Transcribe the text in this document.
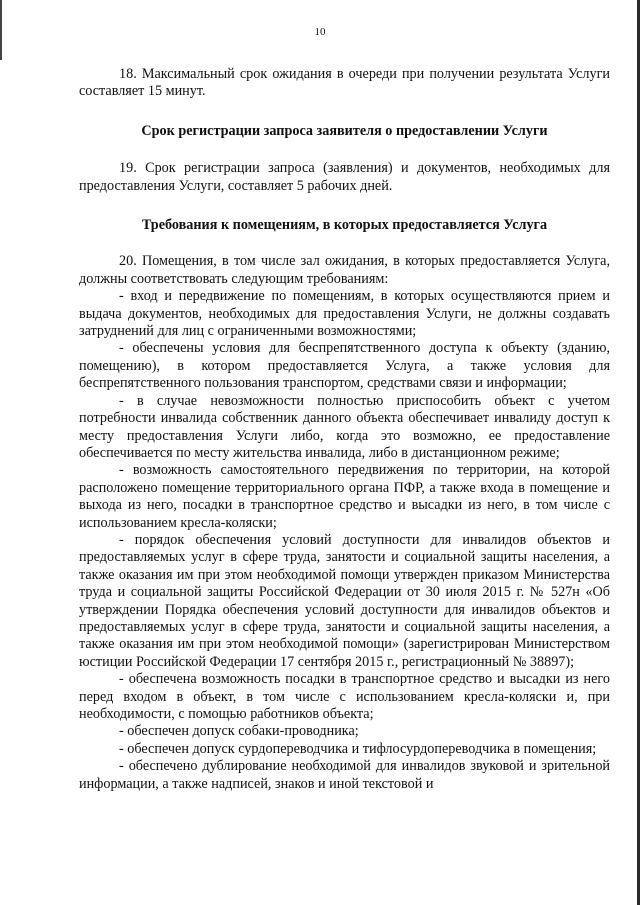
10

18. Максимальный срок ожидания в очереди при получении результата Услуги составляет 15 минут.

Срок регистрации запроса заявителя о предоставлении Услуги

19. Срок регистрации запроса (заявления) и документов, необходимых для предоставления Услуги, составляет 5 рабочих дней.

Требования к помещениям, в которых предоставляется Услуга

20. Помещения, в том числе зал ожидания, в которых предоставляется Услуга, должны соответствовать следующим требованиям:

- вход и передвижение по помещениям, в которых осуществляются прием и выдача документов, необходимых для предоставления Услуги, не должны создавать затруднений для лиц с ограниченными возможностями;

- обеспечены условия для беспрепятственного доступа к объекту (зданию, помещению), в котором предоставляется Услуга, а также условия для беспрепятственного пользования транспортом, средствами связи и информации;

- в случае невозможности полностью приспособить объект с учетом потребности инвалида собственник данного объекта обеспечивает инвалиду доступ к месту предоставления Услуги либо, когда это возможно, ее предоставление обеспечивается по месту жительства инвалида, либо в дистанционном режиме;

- возможность самостоятельного передвижения по территории, на которой расположено помещение территориального органа ПФР, а также входа в помещение и выхода из него, посадки в транспортное средство и высадки из него, в том числе с использованием кресла-коляски;

- порядок обеспечения условий доступности для инвалидов объектов и предоставляемых услуг в сфере труда, занятости и социальной защиты населения, а также оказания им при этом необходимой помощи утвержден приказом Министерства труда и социальной защиты Российской Федерации от 30 июля 2015 г. № 527н «Об утверждении Порядка обеспечения условий доступности для инвалидов объектов и предоставляемых услуг в сфере труда, занятости и социальной защиты населения, а также оказания им при этом необходимой помощи» (зарегистрирован Министерством юстиции Российской Федерации 17 сентября 2015 г., регистрационный № 38897);

- обеспечена возможность посадки в транспортное средство и высадки из него перед входом в объект, в том числе с использованием кресла-коляски и, при необходимости, с помощью работников объекта;

- обеспечен допуск собаки-проводника;

- обеспечен допуск сурдопереводчика и тифлосурдопереводчика в помещения;

- обеспечено дублирование необходимой для инвалидов звуковой и зрительной информации, а также надписей, знаков и иной текстовой и
